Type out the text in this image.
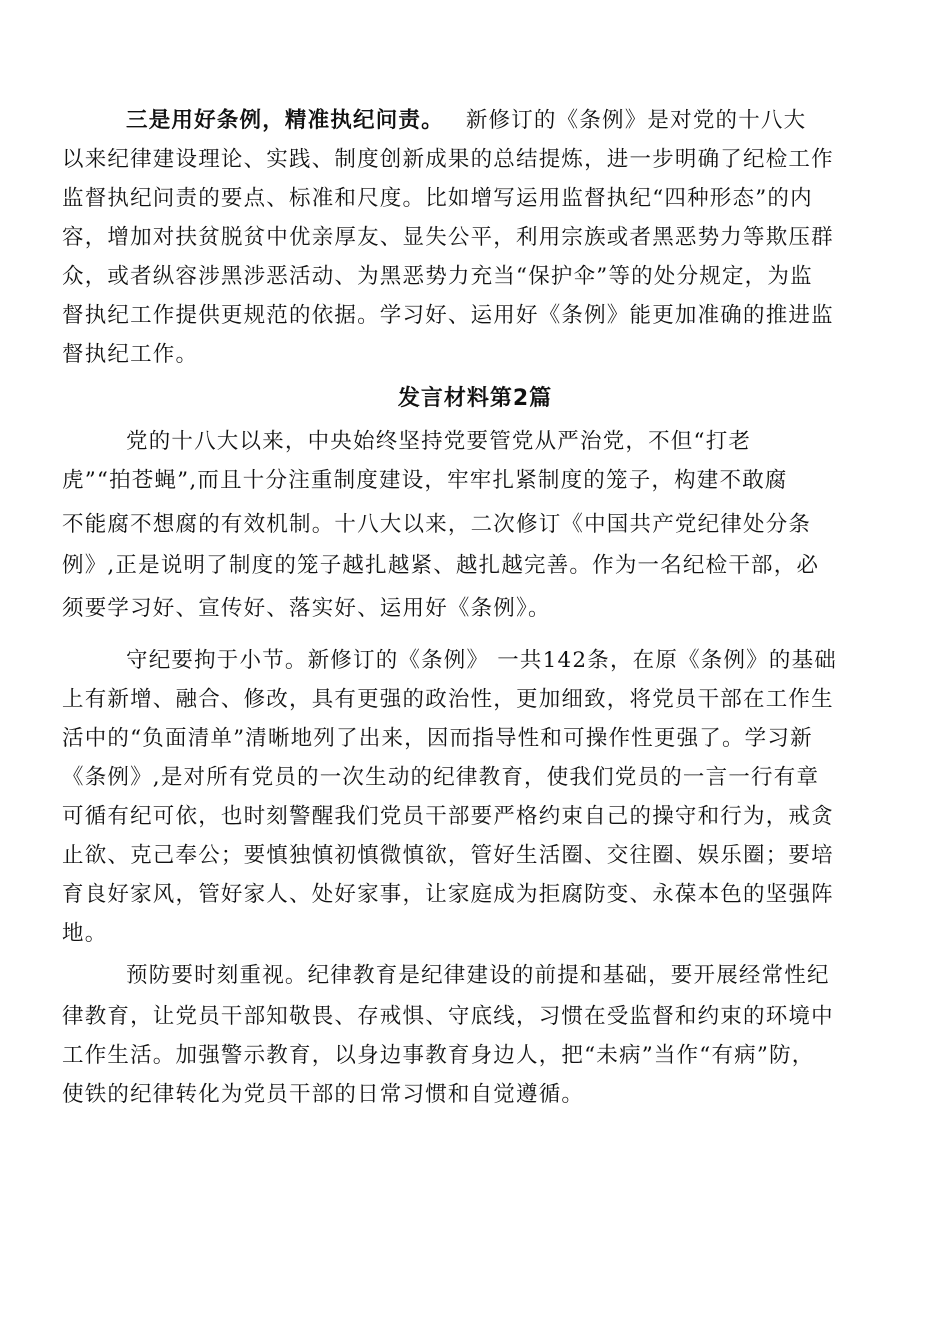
三是用好条例，精准执纪问责。 新修订的《条例》是对党的十八大
以来纪律建设理论、实践、制度创新成果的总结提炼，进一步明确了纪检工作
监督执纪问责的要点、标准和尺度。比如增写运用监督执纪“四种形态”的内
容，增加对扶贫脱贫中优亲厚友、显失公平，利用宗族或者黑恶势力等欺压群
众，或者纵容涉黑涉恶活动、为黑恶势力充当“保护伞”等的处分规定，为监
督执纪工作提供更规范的依据。学习好、运用好《条例》能更加准确的推进监
督执纪工作。
发言材料第2篇
党的十八大以来，中央始终坚持党要管党从严治党，不但“打老
虎”“拍苍蝇”,而且十分注重制度建设，牢牢扎紧制度的笼子，构建不敢腐
不能腐不想腐的有效机制。十八大以来，二次修订《中国共产党纪律处分条
例》,正是说明了制度的笼子越扎越紧、越扎越完善。作为一名纪检干部，必
须要学习好、宣传好、落实好、运用好《条例》。
守纪要拘于小节。新修订的《条例》 一共142条，在原《条例》的基础
上有新增、融合、修改，具有更强的政治性，更加细致，将党员干部在工作生
活中的“负面清单”清晰地列了出来，因而指导性和可操作性更强了。学习新
《条例》,是对所有党员的一次生动的纪律教育，使我们党员的一言一行有章
可循有纪可依，也时刻警醒我们党员干部要严格约束自己的操守和行为，戒贪
止欲、克己奉公；要慎独慎初慎微慎欲，管好生活圈、交往圈、娱乐圈；要培
育良好家风，管好家人、处好家事，让家庭成为拒腐防变、永葆本色的坚强阵
地。
预防要时刻重视。纪律教育是纪律建设的前提和基础，要开展经常性纪
律教育，让党员干部知敬畏、存戒惧、守底线，习惯在受监督和约束的环境中
工作生活。加强警示教育，以身边事教育身边人，把“未病”当作“有病”防，
使铁的纪律转化为党员干部的日常习惯和自觉遵循。
